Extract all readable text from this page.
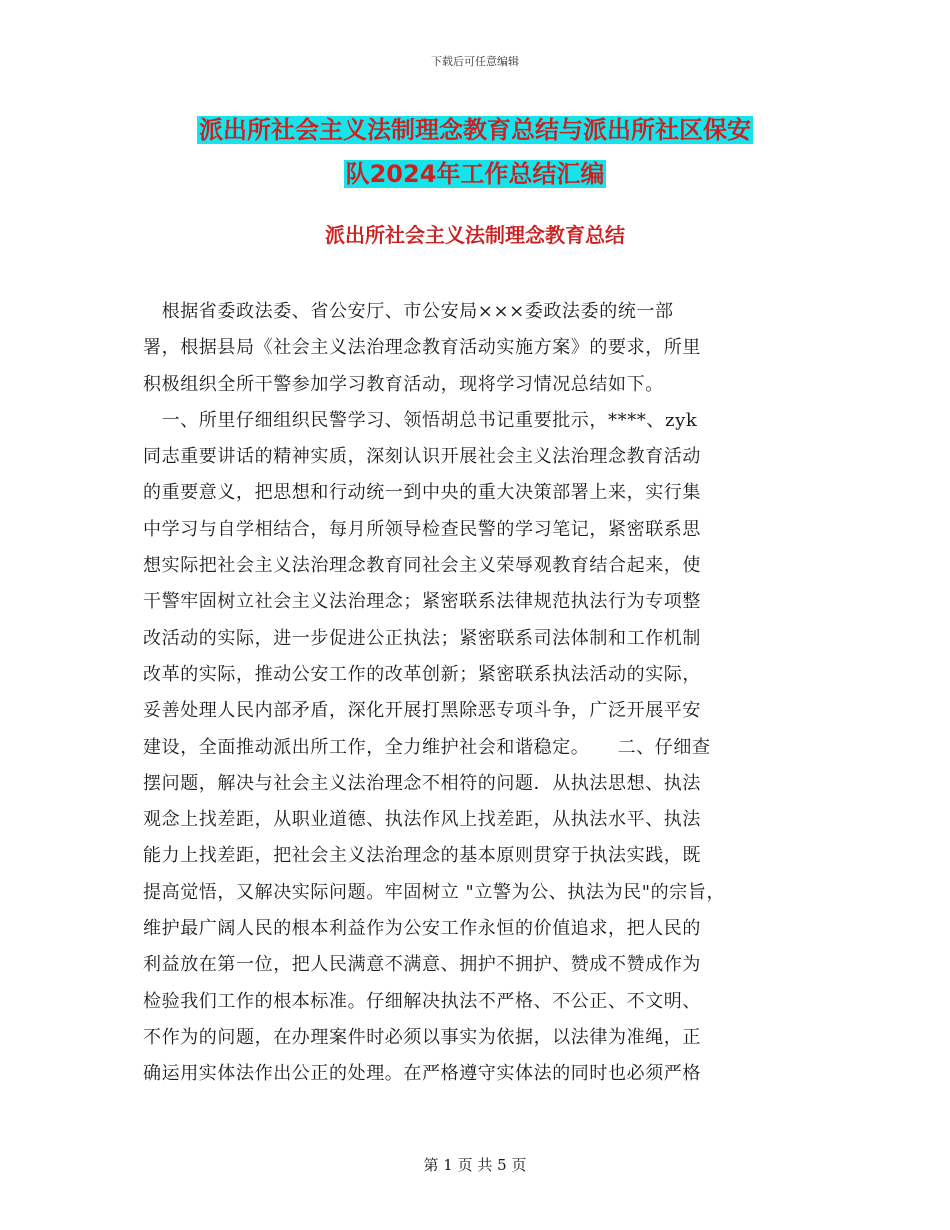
下载后可任意编辑
派出所社会主义法制理念教育总结与派出所社区保安
队2024年工作总结汇编
派出所社会主义法制理念教育总结
　根据省委政法委、省公安厅、市公安局×××委政法委的统一部
署，根据县局《社会主义法治理念教育活动实施方案》的要求，所里
积极组织全所干警参加学习教育活动，现将学习情况总结如下。
　一、所里仔细组织民警学习、领悟胡总书记重要批示，****、zyk
同志重要讲话的精神实质，深刻认识开展社会主义法治理念教育活动
的重要意义，把思想和行动统一到中央的重大决策部署上来，实行集
中学习与自学相结合，每月所领导检查民警的学习笔记，紧密联系思
想实际把社会主义法治理念教育同社会主义荣辱观教育结合起来，使
干警牢固树立社会主义法治理念；紧密联系法律规范执法行为专项整
改活动的实际，进一步促进公正执法；紧密联系司法体制和工作机制
改革的实际，推动公安工作的改革创新；紧密联系执法活动的实际，
妥善处理人民内部矛盾，深化开展打黑除恶专项斗争，广泛开展平安
建设，全面推动派出所工作，全力维护社会和谐稳定。　　二、仔细查
摆问题，解决与社会主义法治理念不相符的问题．从执法思想、执法
观念上找差距，从职业道德、执法作风上找差距，从执法水平、执法
能力上找差距，把社会主义法治理念的基本原则贯穿于执法实践，既
提高觉悟，又解决实际问题。牢固树立 "立警为公、执法为民"的宗旨，
维护最广阔人民的根本利益作为公安工作永恒的价值追求，把人民的
利益放在第一位，把人民满意不满意、拥护不拥护、赞成不赞成作为
检验我们工作的根本标准。仔细解决执法不严格、不公正、不文明、
不作为的问题，在办理案件时必须以事实为依据，以法律为准绳，正
确运用实体法作出公正的处理。在严格遵守实体法的同时也必须严格
第 1 页 共 5 页
